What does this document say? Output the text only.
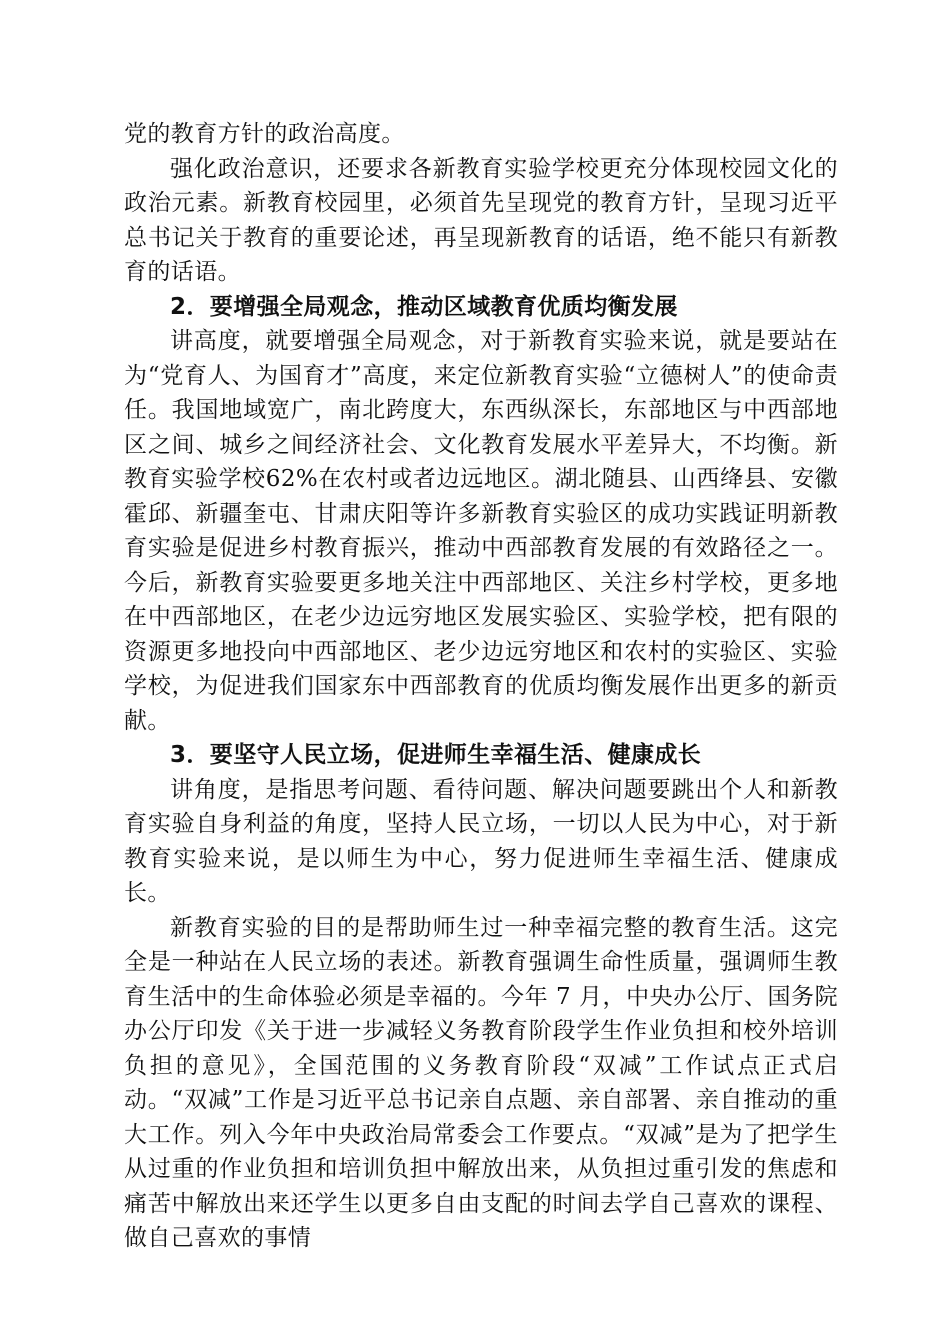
党的教育方针的政治高度。

强化政治意识，还要求各新教育实验学校更充分体现校园文化的政治元素。新教育校园里，必须首先呈现党的教育方针，呈现习近平总书记关于教育的重要论述，再呈现新教育的话语，绝不能只有新教育的话语。

2．要增强全局观念，推动区域教育优质均衡发展

讲高度，就要增强全局观念，对于新教育实验来说，就是要站在为“党育人、为国育才”高度，来定位新教育实验“立德树人”的使命责任。我国地域宽广，南北跨度大，东西纵深长，东部地区与中西部地区之间、城乡之间经济社会、文化教育发展水平差异大，不均衡。新教育实验学校62%在农村或者边远地区。湖北随县、山西绛县、安徽霍邱、新疆奎屯、甘肃庆阳等许多新教育实验区的成功实践证明新教育实验是促进乡村教育振兴，推动中西部教育发展的有效路径之一。今后，新教育实验要更多地关注中西部地区、关注乡村学校，更多地在中西部地区，在老少边远穷地区发展实验区、实验学校，把有限的资源更多地投向中西部地区、老少边远穷地区和农村的实验区、实验学校，为促进我们国家东中西部教育的优质均衡发展作出更多的新贡献。

3．要坚守人民立场，促进师生幸福生活、健康成长

讲角度，是指思考问题、看待问题、解决问题要跳出个人和新教育实验自身利益的角度，坚持人民立场，一切以人民为中心，对于新教育实验来说，是以师生为中心，努力促进师生幸福生活、健康成长。

新教育实验的目的是帮助师生过一种幸福完整的教育生活。这完全是一种站在人民立场的表述。新教育强调生命性质量，强调师生教育生活中的生命体验必须是幸福的。今年 7 月，中央办公厅、国务院办公厅印发《关于进一步减轻义务教育阶段学生作业负担和校外培训负担的意见》，全国范围的义务教育阶段“双减”工作试点正式启动。“双减”工作是习近平总书记亲自点题、亲自部署、亲自推动的重大工作。列入今年中央政治局常委会工作要点。“双减”是为了把学生从过重的作业负担和培训负担中解放出来，从负担过重引发的焦虑和痛苦中解放出来还学生以更多自由支配的时间去学自己喜欢的课程、做自己喜欢的事情
